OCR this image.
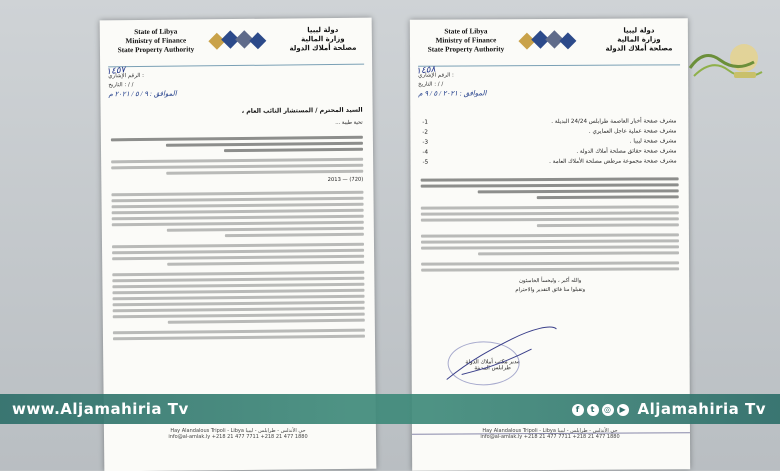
State of Libya
Ministry of Finance
State Property Authority
دولة ليبيا
وزارة المالية
مصلحة أملاك الدولة
١٤٥٧
الرقم الإشاري :
التاريخ : / /
الموافق : ٩ / ٥ / ٢٠٢١ م
السيد المحترم / المستشار النائب العام ،
تحية طيبة ...
(720) — 2013
State of Libya
Ministry of Finance
State Property Authority
دولة ليبيا
وزارة المالية
مصلحة أملاك الدولة
١٤٥٨
الرقم الإشاري :
التاريخ : / /
الموافق : ٢٠٢١ / ٥ / ٩ م
مشرف صفحة أخبار العاصمة طرابلس 24/24 البديلة .
-1
مشرف صفحة عملية عاجل العمايري .
-2
مشرف صفحة ليبيا .
-3
مشرف صفحة حقائق مصلحة أملاك الدولة .
-4
مشرف صفحة مجموعة مرطض مصلحة الأملاك العامة .
-5
والله أكبر ، وليخسأ الخاسئون
وتقبلوا منا فائق التقدير والاحترام
مدير مكتب أملاك الدولة
طرابلس المدينة
www.Aljamahiria Tv	f t ◎ ▶ Aljamahiria Tv
Hay Alandalous Tripoli - Libya حي الأندلس - طرابلس - ليبيا
info@al-amlak.ly +218 21 477 7711 +218 21 477 1880
Hay Alandalous Tripoli - Libya حي الأندلس - طرابلس - ليبيا
info@al-amlak.ly +218 21 477 7711 +218 21 477 1880
